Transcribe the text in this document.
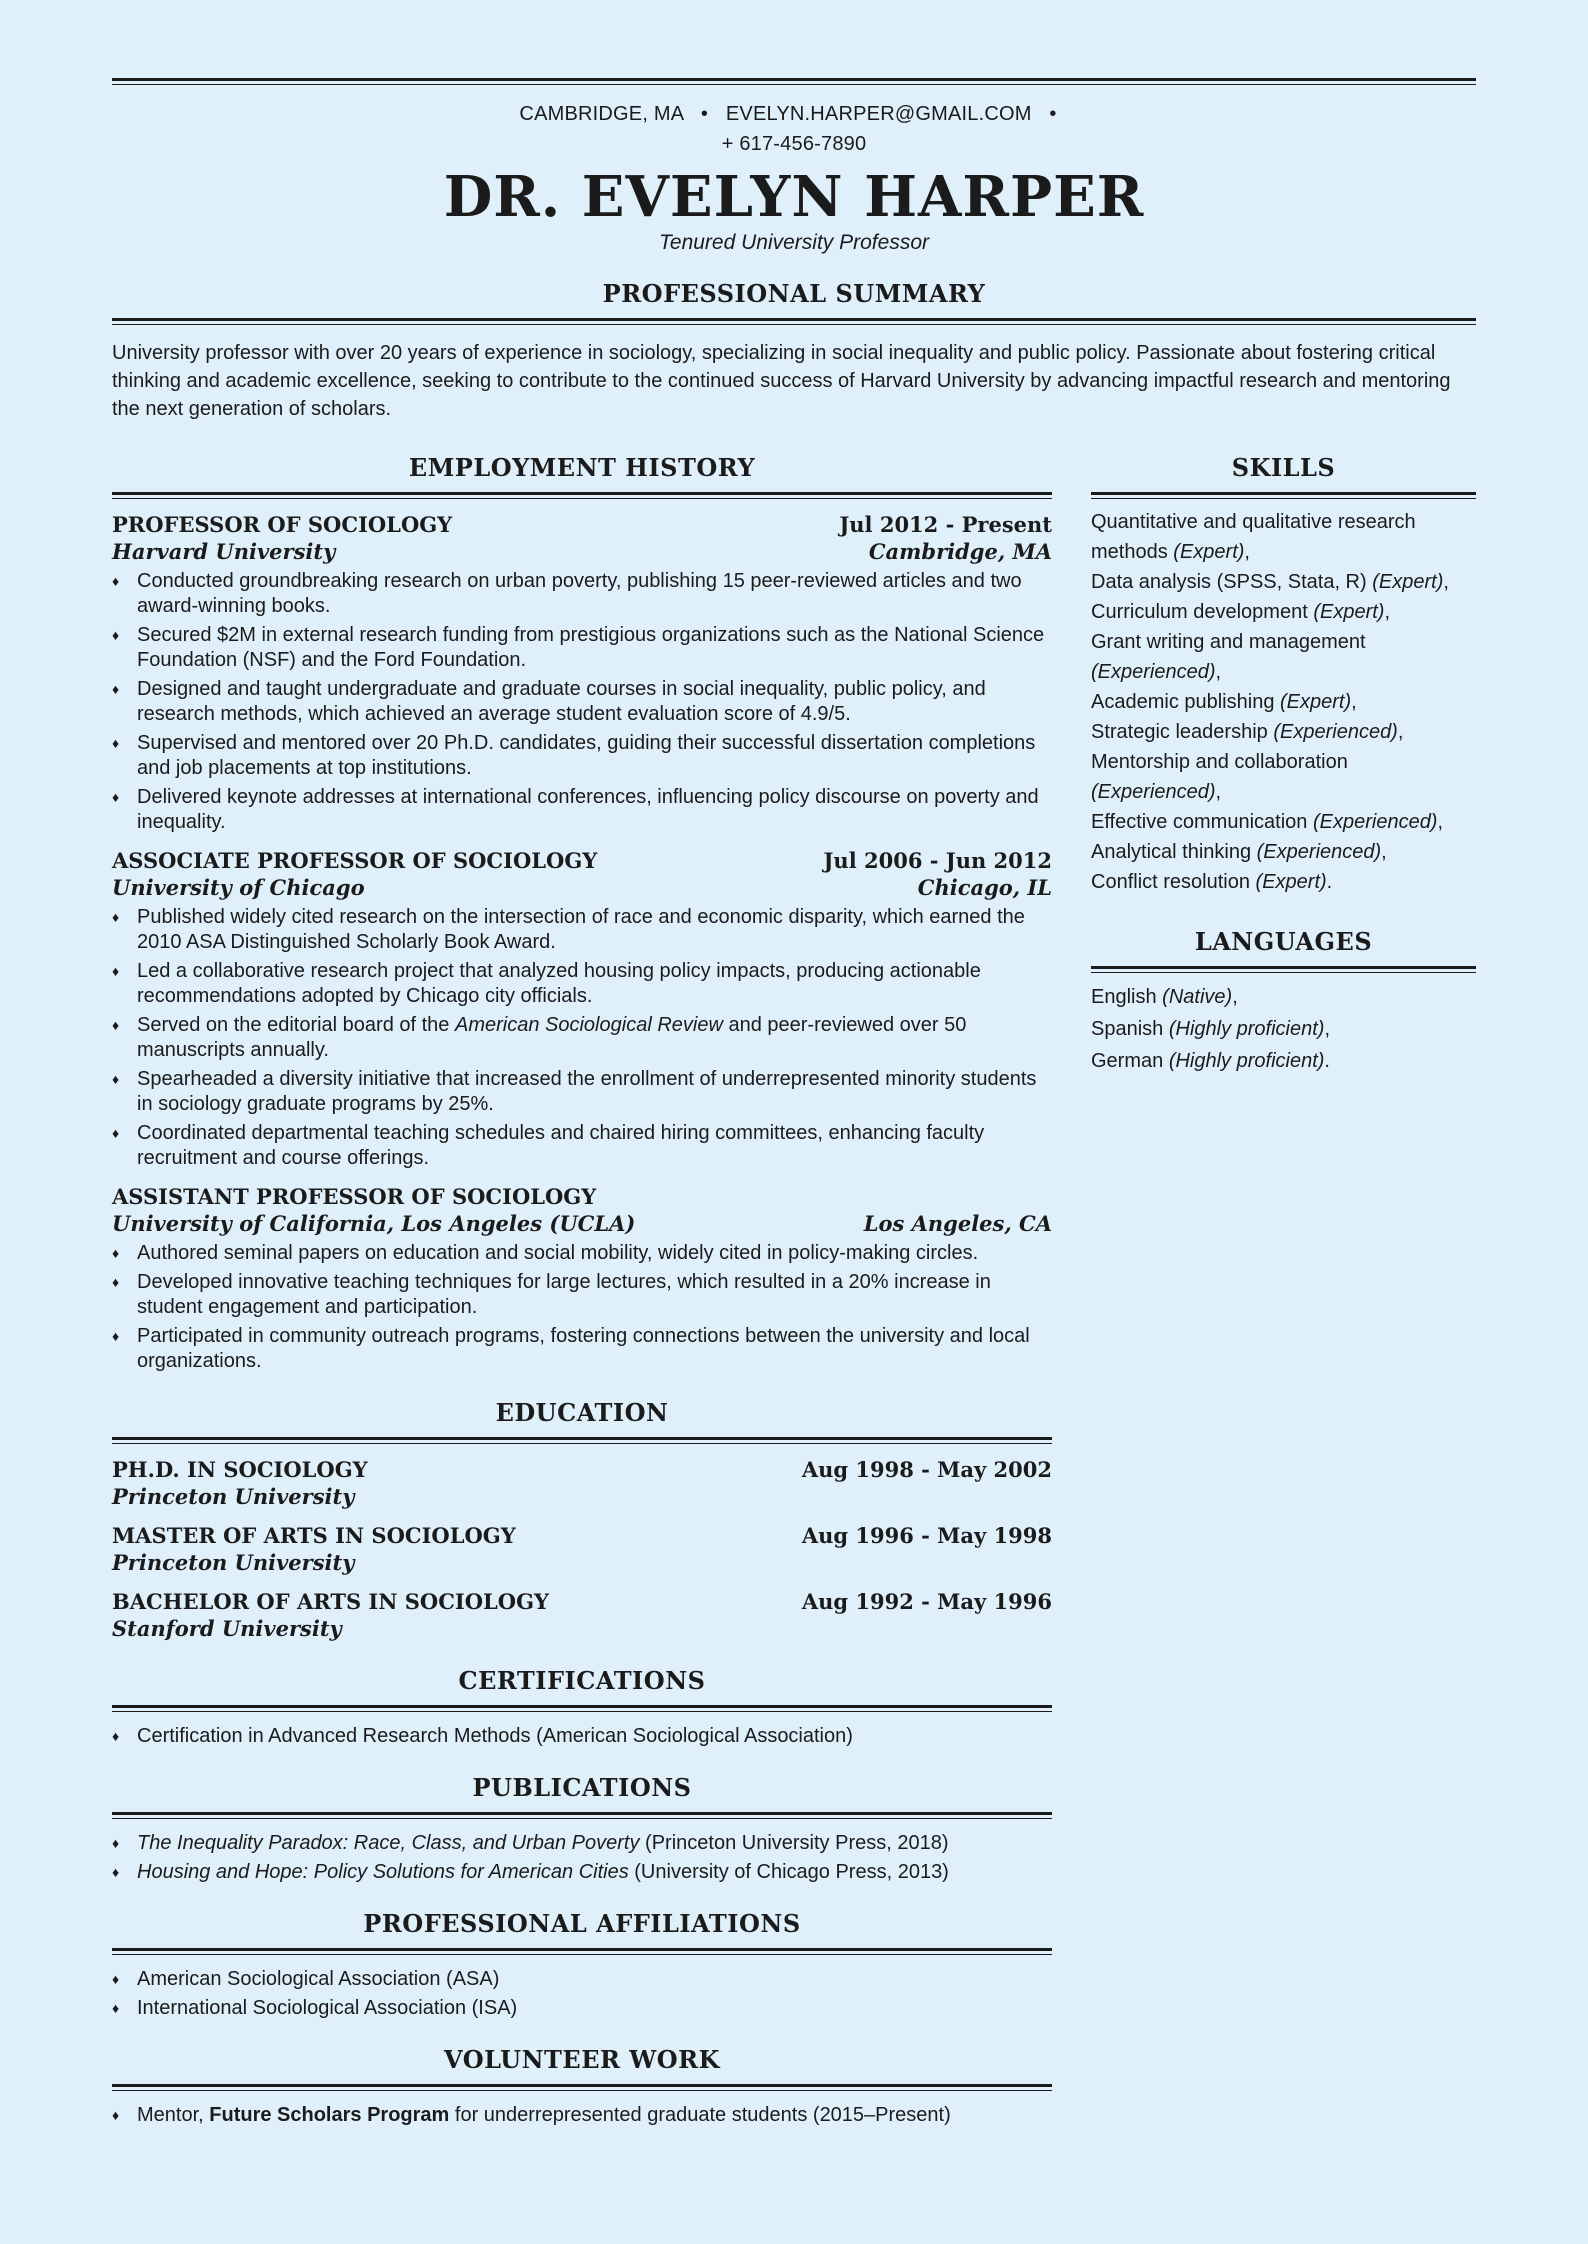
CAMBRIDGE, MA • EVELYN.HARPER@GMAIL.COM •
+ 617-456-7890
DR. EVELYN HARPER
Tenured University Professor
PROFESSIONAL SUMMARY
University professor with over 20 years of experience in sociology, specializing in social inequality and public policy. Passionate about fostering critical thinking and academic excellence, seeking to contribute to the continued success of Harvard University by advancing impactful research and mentoring the next generation of scholars.
EMPLOYMENT HISTORY
PROFESSOR OF SOCIOLOGY	Jul 2012 - Present
Harvard University	Cambridge, MA
♦ Conducted groundbreaking research on urban poverty, publishing 15 peer-reviewed articles and two award-winning books.
♦ Secured $2M in external research funding from prestigious organizations such as the National Science Foundation (NSF) and the Ford Foundation.
♦ Designed and taught undergraduate and graduate courses in social inequality, public policy, and research methods, which achieved an average student evaluation score of 4.9/5.
♦ Supervised and mentored over 20 Ph.D. candidates, guiding their successful dissertation completions and job placements at top institutions.
♦ Delivered keynote addresses at international conferences, influencing policy discourse on poverty and inequality.
ASSOCIATE PROFESSOR OF SOCIOLOGY	Jul 2006 - Jun 2012
University of Chicago	Chicago, IL
♦ Published widely cited research on the intersection of race and economic disparity, which earned the 2010 ASA Distinguished Scholarly Book Award.
♦ Led a collaborative research project that analyzed housing policy impacts, producing actionable recommendations adopted by Chicago city officials.
♦ Served on the editorial board of the American Sociological Review and peer-reviewed over 50 manuscripts annually.
♦ Spearheaded a diversity initiative that increased the enrollment of underrepresented minority students in sociology graduate programs by 25%.
♦ Coordinated departmental teaching schedules and chaired hiring committees, enhancing faculty recruitment and course offerings.
ASSISTANT PROFESSOR OF SOCIOLOGY
University of California, Los Angeles (UCLA)	Los Angeles, CA
♦ Authored seminal papers on education and social mobility, widely cited in policy-making circles.
♦ Developed innovative teaching techniques for large lectures, which resulted in a 20% increase in student engagement and participation.
♦ Participated in community outreach programs, fostering connections between the university and local organizations.
EDUCATION
PH.D. IN SOCIOLOGY	Aug 1998 - May 2002
Princeton University
MASTER OF ARTS IN SOCIOLOGY	Aug 1996 - May 1998
Princeton University
BACHELOR OF ARTS IN SOCIOLOGY	Aug 1992 - May 1996
Stanford University
CERTIFICATIONS
♦ Certification in Advanced Research Methods (American Sociological Association)
PUBLICATIONS
♦ The Inequality Paradox: Race, Class, and Urban Poverty (Princeton University Press, 2018)
♦ Housing and Hope: Policy Solutions for American Cities (University of Chicago Press, 2013)
PROFESSIONAL AFFILIATIONS
♦ American Sociological Association (ASA)
♦ International Sociological Association (ISA)
VOLUNTEER WORK
♦ Mentor, Future Scholars Program for underrepresented graduate students (2015–Present)
SKILLS
Quantitative and qualitative research methods (Expert),
Data analysis (SPSS, Stata, R) (Expert),
Curriculum development (Expert),
Grant writing and management (Experienced),
Academic publishing (Expert),
Strategic leadership (Experienced),
Mentorship and collaboration (Experienced),
Effective communication (Experienced),
Analytical thinking (Experienced),
Conflict resolution (Expert).
LANGUAGES
English (Native),
Spanish (Highly proficient),
German (Highly proficient).
